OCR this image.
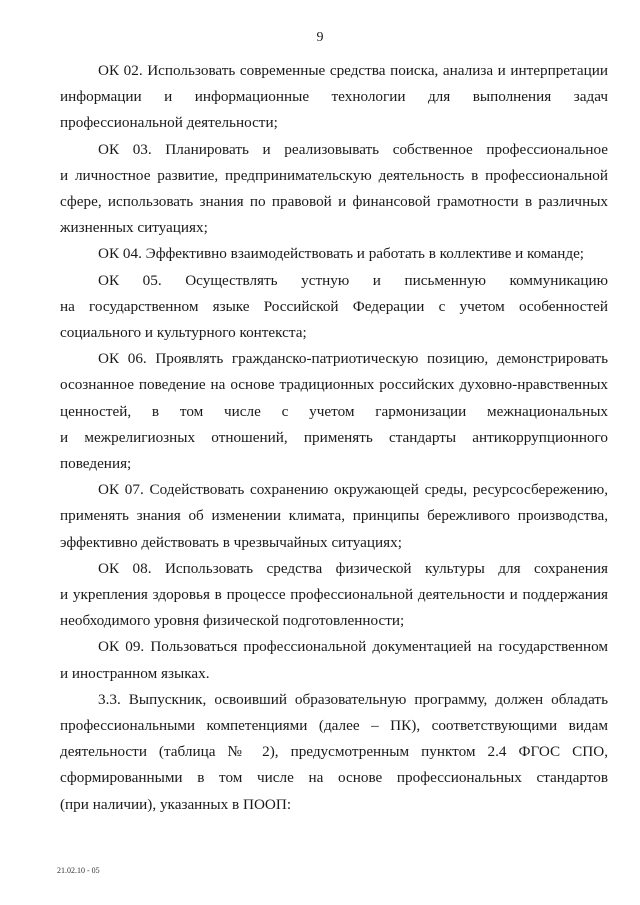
9
ОК 02. Использовать современные средства поиска, анализа и интерпретации
информации и информационные технологии для выполнения задач
профессиональной деятельности;
ОК 03. Планировать и реализовывать собственное профессиональное
и личностное развитие, предпринимательскую деятельность в профессиональной
сфере, использовать знания по правовой и финансовой грамотности в различных
жизненных ситуациях;
ОК 04. Эффективно взаимодействовать и работать в коллективе и команде;
ОК 05. Осуществлять устную и письменную коммуникацию
на государственном языке Российской Федерации с учетом особенностей
социального и культурного контекста;
ОК 06. Проявлять гражданско-патриотическую позицию, демонстрировать
осознанное поведение на основе традиционных российских духовно-нравственных
ценностей, в том числе с учетом гармонизации межнациональных
и межрелигиозных отношений, применять стандарты антикоррупционного
поведения;
ОК 07. Содействовать сохранению окружающей среды, ресурсосбережению,
применять знания об изменении климата, принципы бережливого производства,
эффективно действовать в чрезвычайных ситуациях;
ОК 08. Использовать средства физической культуры для сохранения
и укрепления здоровья в процессе профессиональной деятельности и поддержания
необходимого уровня физической подготовленности;
ОК 09. Пользоваться профессиональной документацией на государственном
и иностранном языках.
3.3. Выпускник, освоивший образовательную программу, должен обладать
профессиональными компетенциями (далее – ПК), соответствующими видам
деятельности (таблица № 2), предусмотренным пунктом 2.4 ФГОС СПО,
сформированными в том числе на основе профессиональных стандартов
(при наличии), указанных в ПООП:
21.02.10 - 05
